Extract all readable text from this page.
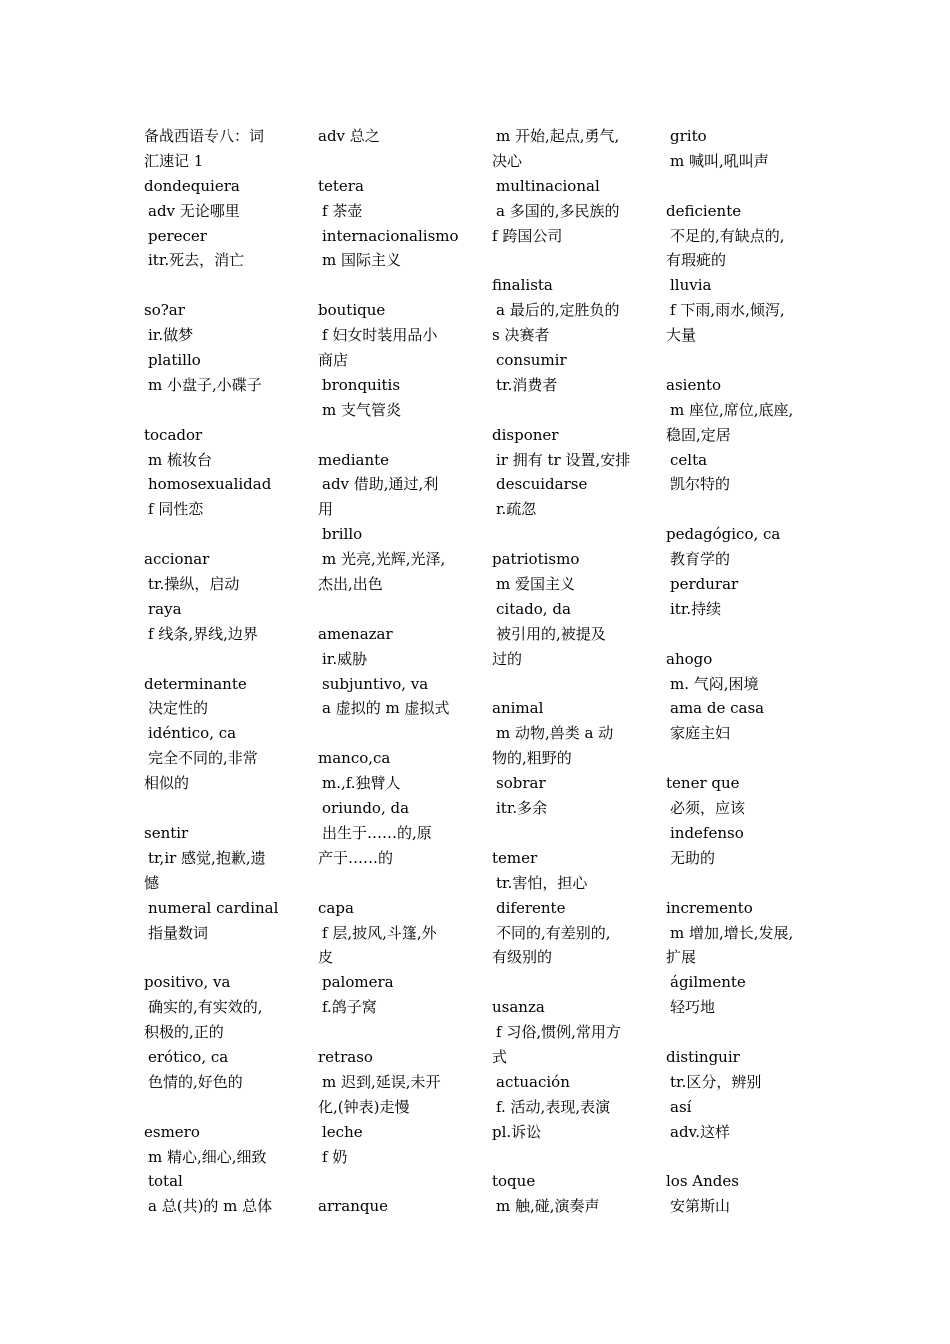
备战西语专八：词
汇速记 1
dondequiera
adv 无论哪里
perecer
itr.死去，消亡
so?ar
ir.做梦
platillo
m 小盘子,小碟子
tocador
m 梳妆台
homosexualidad
f 同性恋
accionar
tr.操纵，启动
raya
f 线条,界线,边界
determinante
决定性的
idéntico, ca
完全不同的,非常
相似的
sentir
tr,ir 感觉,抱歉,遗
憾
numeral cardinal
指量数词
positivo, va
确实的,有实效的,
积极的,正的
erótico, ca
色情的,好色的
esmero
m 精心,细心,细致
total
a 总(共)的 m 总体
adv 总之
tetera
f 茶壶
internacionalismo
m 国际主义
boutique
f 妇女时装用品小
商店
bronquitis
m 支气管炎
mediante
adv 借助,通过,利
用
brillo
m 光亮,光辉,光泽,
杰出,出色
amenazar
ir.威胁
subjuntivo, va
a 虚拟的 m 虚拟式
manco,ca
m.,f.独臂人
oriundo, da
出生于……的,原
产于……的
capa
f 层,披风,斗篷,外
皮
palomera
f.鸽子窝
retraso
m 迟到,延误,未开
化,(钟表)走慢
leche
f 奶
arranque
m 开始,起点,勇气,
决心
multinacional
a 多国的,多民族的
f 跨国公司
finalista
a 最后的,定胜负的
s 决赛者
consumir
tr.消费者
disponer
ir 拥有 tr 设置,安排
descuidarse
r.疏忽
patriotismo
m 爱国主义
citado, da
被引用的,被提及
过的
animal
m 动物,兽类 a 动
物的,粗野的
sobrar
itr.多余
temer
tr.害怕，担心
diferente
不同的,有差别的,
有级别的
usanza
f 习俗,惯例,常用方
式
actuación
f. 活动,表现,表演
pl.诉讼
toque
m 触,碰,演奏声
grito
m 喊叫,吼叫声
deficiente
不足的,有缺点的,
有瑕疵的
lluvia
f 下雨,雨水,倾泻,
大量
asiento
m 座位,席位,底座,
稳固,定居
celta
凯尔特的
pedagógico, ca
教育学的
perdurar
itr.持续
ahogo
m. 气闷,困境
ama de casa
家庭主妇
tener que
必须，应该
indefenso
无助的
incremento
m 增加,增长,发展,
扩展
ágilmente
轻巧地
distinguir
tr.区分，辨别
así
adv.这样
los Andes
安第斯山
